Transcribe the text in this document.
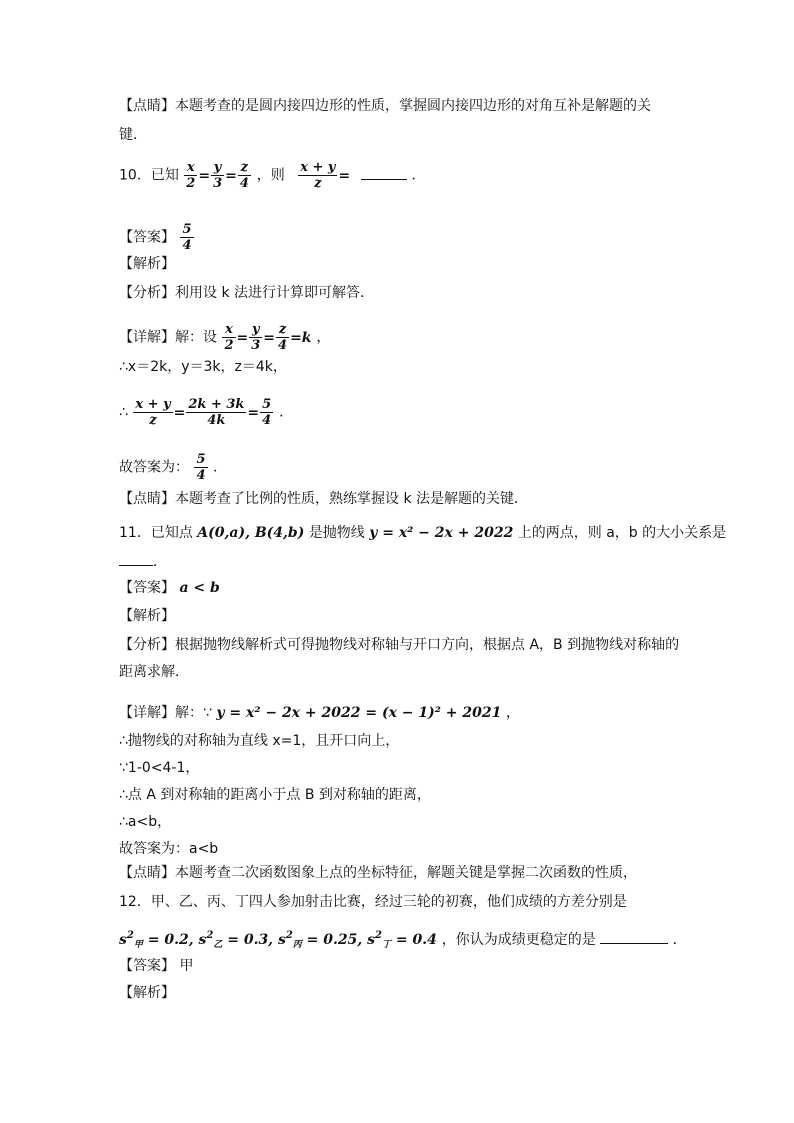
【点睛】本题考查的是圆内接四边形的性质，掌握圆内接四边形的对角互补是解题的关
键．
10．已知 $\frac{x}{2} = \frac{y}{3} = \frac{z}{4}$ ，则 $\frac{x + y}{z}$ =	．
【答案】 $\frac{5}{4}$
【解析】
【分析】利用设 k 法进行计算即可解答．
【详解】解：设 $\frac{x}{2} = \frac{y}{3} = \frac{z}{4} =k$ ，
∴x＝2k，y＝3k，z＝4k，
∴ $\frac{x + y}{z} = \frac{2k + 3k}{4k} = \frac{5}{4}$ ．
故答案为： $\frac{5}{4}$ ．
【点睛】本题考查了比例的性质，熟练掌握设 k 法是解题的关键．
11．已知点 A(0,a), B(4,b) 是抛物线 y = x² − 2x + 2022 上的两点，则 a，b 的大小关系是
．
【答案】 a < b
【解析】
【分析】根据抛物线解析式可得抛物线对称轴与开口方向，根据点 A，B 到抛物线对称轴的
距离求解．
【详解】解：∵ y = x² − 2x + 2022 = (x − 1)² + 2021 ，
∴抛物线的对称轴为直线 x=1，且开口向上，
∵1-0<4-1，
∴点 A 到对称轴的距离小于点 B 到对称轴的距离，
∴a<b，
故答案为：a<b
【点睛】本题考查二次函数图象上点的坐标特征，解题关键是掌握二次函数的性质，
12．甲、乙、丙、丁四人参加射击比赛，经过三轮的初赛，他们成绩的方差分别是
$s^2_甲 = 0.2$, $s^2_乙 = 0.3$, $s^2_丙 = 0.25$, $s^2_丁 = 0.4$ ，你认为成绩更稳定的是	．
【答案】 甲
【解析】
